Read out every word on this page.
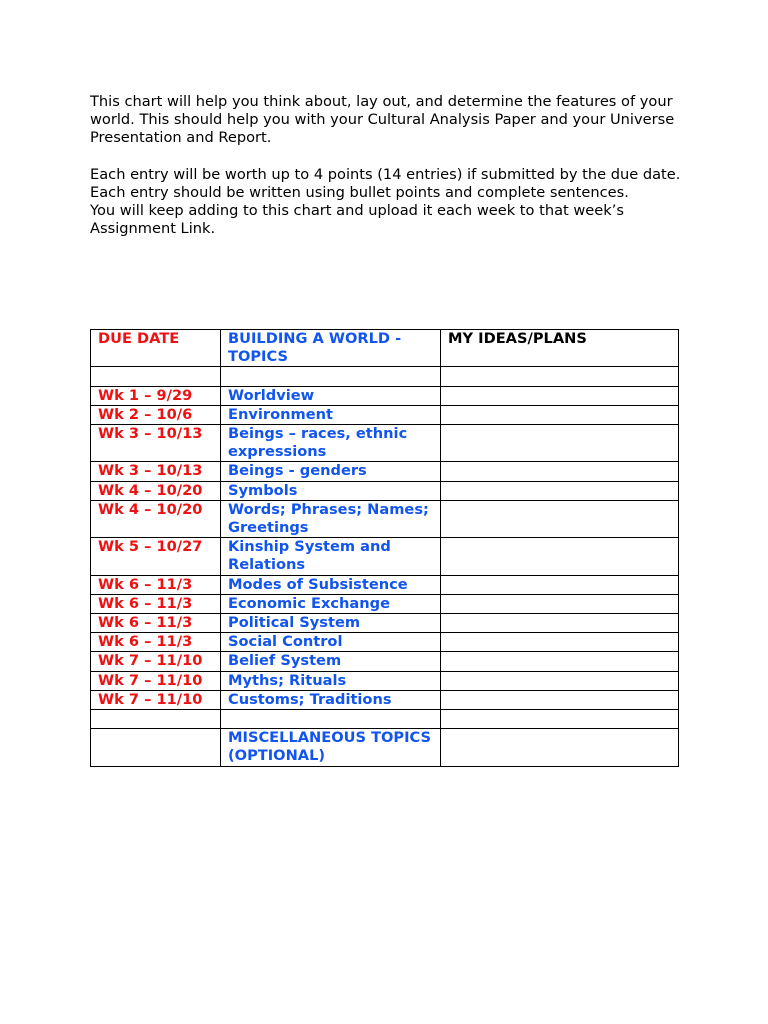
This chart will help you think about, lay out, and determine the features of your world. This should help you with your Cultural Analysis Paper and your Universe Presentation and Report.

Each entry will be worth up to 4 points (14 entries) if submitted by the due date.

Each entry should be written using bullet points and complete sentences.

You will keep adding to this chart and upload it each week to that week’s Assignment Link.

DUE DATE	BUILDING A WORLD - TOPICS	MY IDEAS/PLANS

Wk 1 – 9/29	Worldview	
Wk 2 – 10/6	Environment	
Wk 3 – 10/13	Beings – races, ethnic expressions	
Wk 3 – 10/13	Beings - genders	
Wk 4 – 10/20	Symbols	
Wk 4 – 10/20	Words; Phrases; Names; Greetings	
Wk 5 – 10/27	Kinship System and Relations	
Wk 6 – 11/3	Modes of Subsistence	
Wk 6 – 11/3	Economic Exchange	
Wk 6 – 11/3	Political System	
Wk 6 – 11/3	Social Control	
Wk 7 – 11/10	Belief System	
Wk 7 – 11/10	Myths; Rituals	
Wk 7 – 11/10	Customs; Traditions	

	MISCELLANEOUS TOPICS (OPTIONAL)	
